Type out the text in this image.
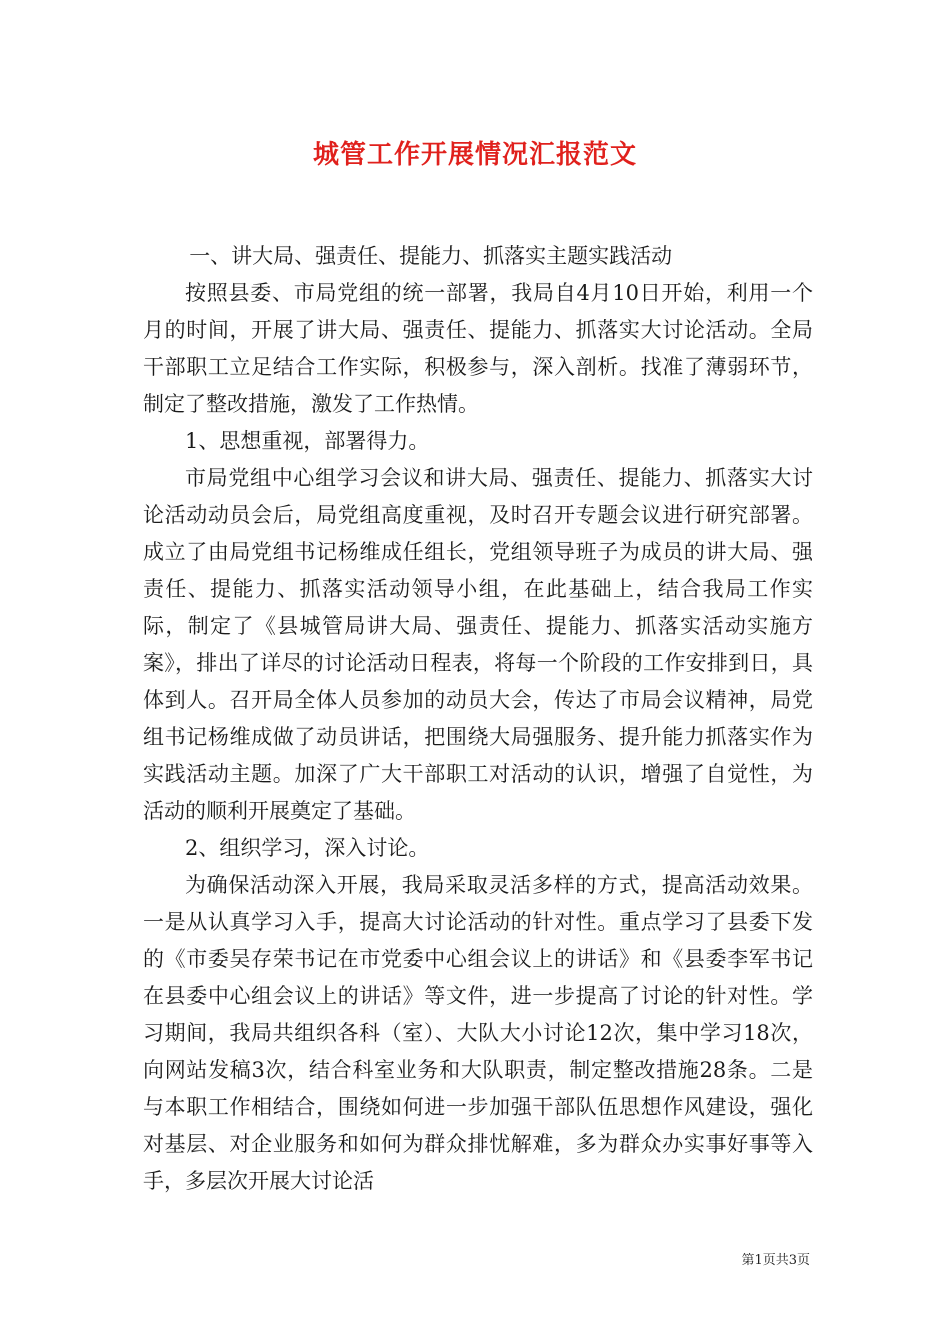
城管工作开展情况汇报范文

一、讲大局、强责任、提能力、抓落实主题实践活动

按照县委、市局党组的统一部署，我局自4月10日开始，利用一个月的时间，开展了讲大局、强责任、提能力、抓落实大讨论活动。全局干部职工立足结合工作实际，积极参与，深入剖析。找准了薄弱环节，制定了整改措施，激发了工作热情。

1、思想重视，部署得力。

市局党组中心组学习会议和讲大局、强责任、提能力、抓落实大讨论活动动员会后，局党组高度重视，及时召开专题会议进行研究部署。成立了由局党组书记杨维成任组长，党组领导班子为成员的讲大局、强责任、提能力、抓落实活动领导小组，在此基础上，结合我局工作实际，制定了《县城管局讲大局、强责任、提能力、抓落实活动实施方案》，排出了详尽的讨论活动日程表，将每一个阶段的工作安排到日，具体到人。召开局全体人员参加的动员大会，传达了市局会议精神，局党组书记杨维成做了动员讲话，把围绕大局强服务、提升能力抓落实作为实践活动主题。加深了广大干部职工对活动的认识，增强了自觉性，为活动的顺利开展奠定了基础。

2、组织学习，深入讨论。

为确保活动深入开展，我局采取灵活多样的方式，提高活动效果。一是从认真学习入手，提高大讨论活动的针对性。重点学习了县委下发的《市委吴存荣书记在市党委中心组会议上的讲话》和《县委李军书记在县委中心组会议上的讲话》等文件，进一步提高了讨论的针对性。学习期间，我局共组织各科（室）、大队大小讨论12次，集中学习18次，向网站发稿3次，结合科室业务和大队职责，制定整改措施28条。二是与本职工作相结合，围绕如何进一步加强干部队伍思想作风建设，强化对基层、对企业服务和如何为群众排忧解难，多为群众办实事好事等入手，多层次开展大讨论活

第1页共3页
